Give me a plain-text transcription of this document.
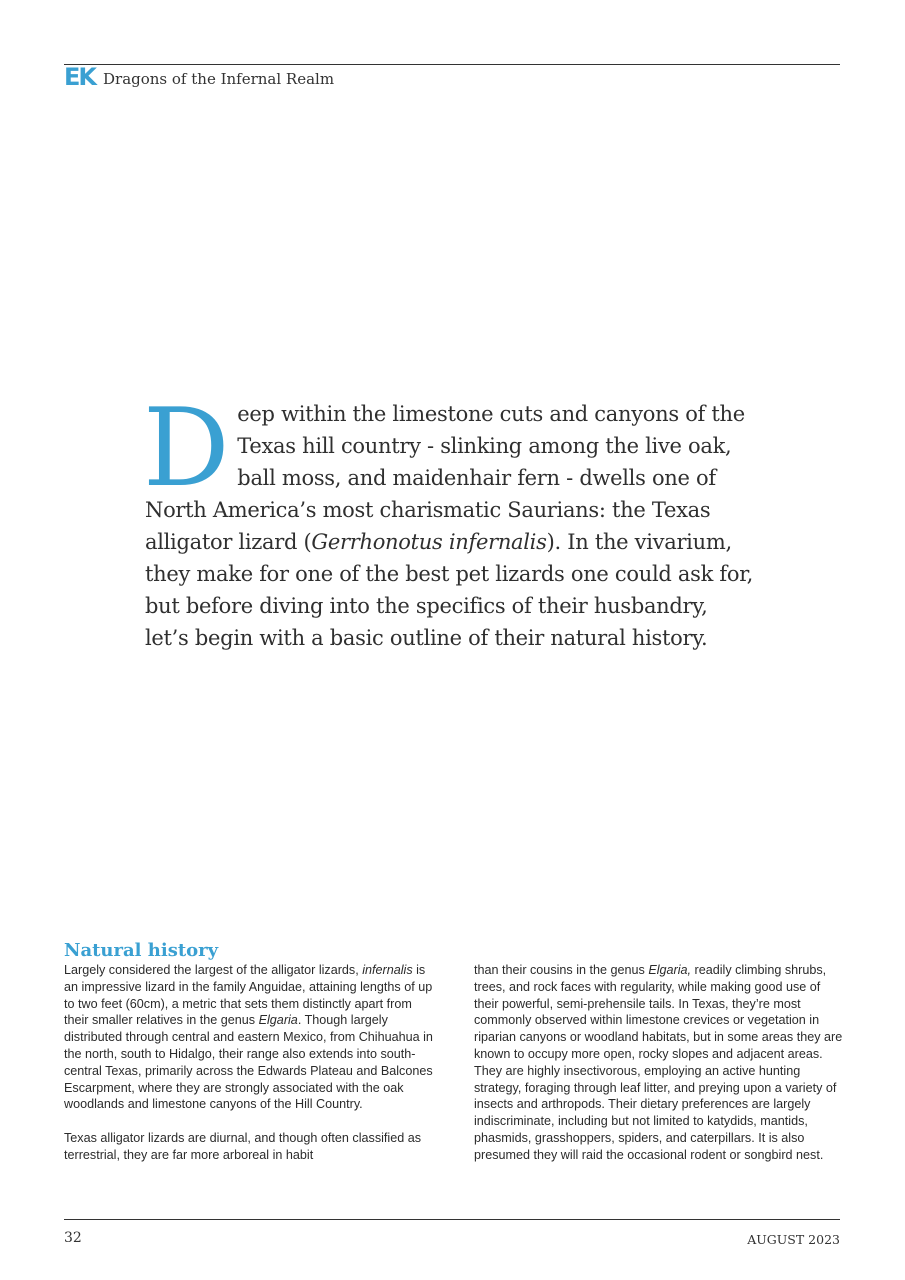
EK Dragons of the Infernal Realm
Deep within the limestone cuts and canyons of the Texas hill country - slinking among the live oak, ball moss, and maidenhair fern - dwells one of North America’s most charismatic Saurians: the Texas alligator lizard (Gerrhonotus infernalis). In the vivarium, they make for one of the best pet lizards one could ask for, but before diving into the specifics of their husbandry, let’s begin with a basic outline of their natural history.
Natural history

Largely considered the largest of the alligator lizards, infernalis is an impressive lizard in the family Anguidae, attaining lengths of up to two feet (60cm), a metric that sets them distinctly apart from their smaller relatives in the genus Elgaria. Though largely distributed through central and eastern Mexico, from Chihuahua in the north, south to Hidalgo, their range also extends into south-central Texas, primarily across the Edwards Plateau and Balcones Escarpment, where they are strongly associated with the oak woodlands and limestone canyons of the Hill Country.

Texas alligator lizards are diurnal, and though often classified as terrestrial, they are far more arboreal in habit

than their cousins in the genus Elgaria, readily climbing shrubs, trees, and rock faces with regularity, while making good use of their powerful, semi-prehensile tails. In Texas, they’re most commonly observed within limestone crevices or vegetation in riparian canyons or woodland habitats, but in some areas they are known to occupy more open, rocky slopes and adjacent areas. They are highly insectivorous, employing an active hunting strategy, foraging through leaf litter, and preying upon a variety of insects and arthropods. Their dietary preferences are largely indiscriminate, including but not limited to katydids, mantids, phasmids, grasshoppers, spiders, and caterpillars. It is also presumed they will raid the occasional rodent or songbird nest.

32	AUGUST 2023
